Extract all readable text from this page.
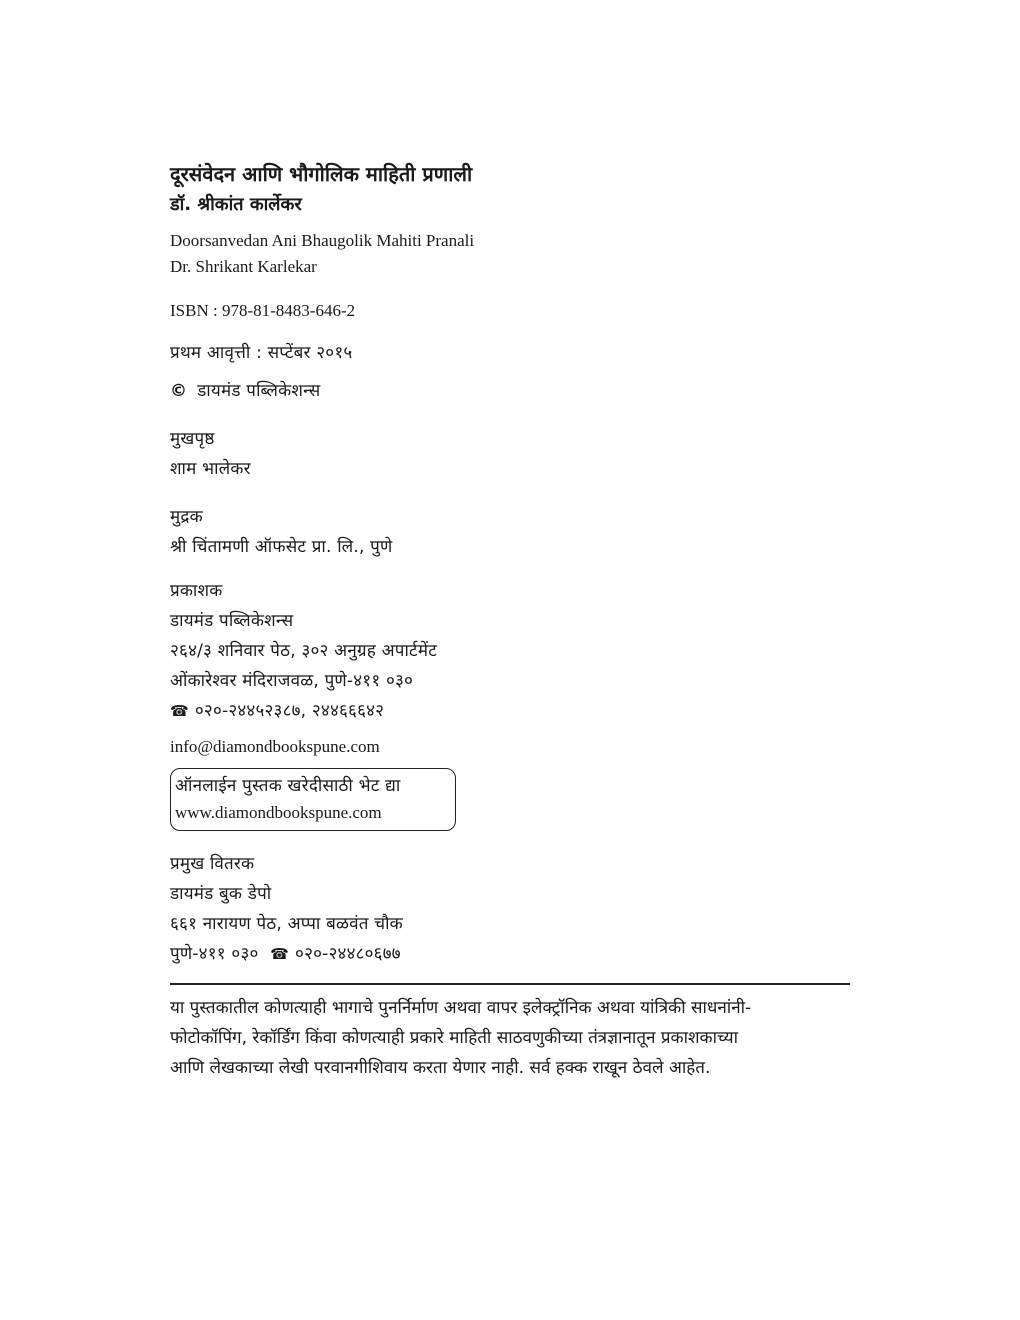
दूरसंवेदन आणि भौगोलिक माहिती प्रणाली
डॉ. श्रीकांत कार्लेकर
Doorsanvedan Ani Bhaugolik Mahiti Pranali
Dr. Shrikant Karlekar
ISBN : 978-81-8483-646-2
प्रथम आवृत्ती : सप्टेंबर २०१५
© डायमंड पब्लिकेशन्स
मुखपृष्ठ
शाम भालेकर
मुद्रक
श्री चिंतामणी ऑफसेट प्रा. लि., पुणे
प्रकाशक
डायमंड पब्लिकेशन्स
२६४/३ शनिवार पेठ, ३०२ अनुग्रह अपार्टमेंट
ओंकारेश्वर मंदिराजवळ, पुणे-४११ ०३०
☎ ०२०-२४४५२३८७, २४४६६६४२
info@diamondbookspune.com
ऑनलाईन पुस्तक खरेदीसाठी भेट द्या
www.diamondbookspune.com
प्रमुख वितरक
डायमंड बुक डेपो
६६१ नारायण पेठ, अप्पा बळवंत चौक
पुणे-४११ ०३० ☎ ०२०-२४४८०६७७
या पुस्तकातील कोणत्याही भागाचे पुनर्निर्माण अथवा वापर इलेक्ट्रॉनिक अथवा यांत्रिकी साधनांनी-
फोटोकॉपिंग, रेकॉर्डिंग किंवा कोणत्याही प्रकारे माहिती साठवणुकीच्या तंत्रज्ञानातून प्रकाशकाच्या
आणि लेखकाच्या लेखी परवानगीशिवाय करता येणार नाही. सर्व हक्क राखून ठेवले आहेत.
